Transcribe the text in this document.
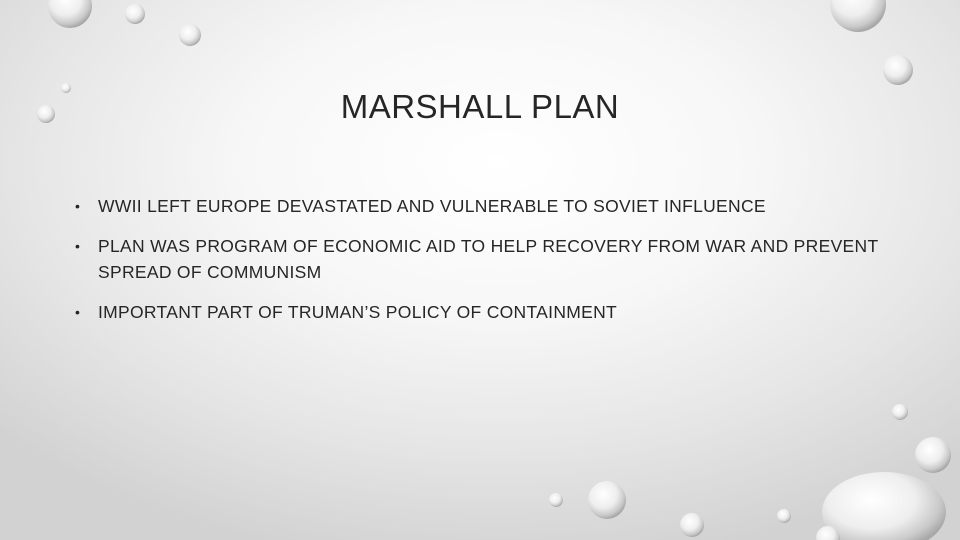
MARSHALL PLAN
• WWII LEFT EUROPE DEVASTATED AND VULNERABLE TO SOVIET INFLUENCE
• PLAN WAS PROGRAM OF ECONOMIC AID TO HELP RECOVERY FROM WAR AND PREVENT SPREAD OF COMMUNISM
• IMPORTANT PART OF TRUMAN’S POLICY OF CONTAINMENT
